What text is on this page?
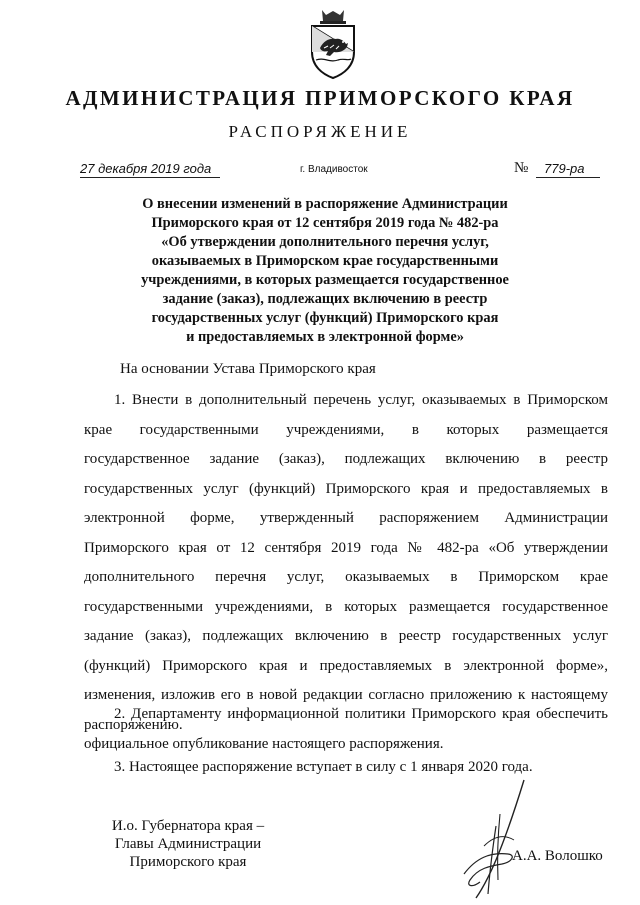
АДМИНИСТРАЦИЯ ПРИМОРСКОГО КРАЯ
РАСПОРЯЖЕНИЕ
27 декабря 2019 года	г. Владивосток	№	779-ра
О внесении изменений в распоряжение Администрации
Приморского края от 12 сентября 2019 года № 482-ра
«Об утверждении дополнительного перечня услуг,
оказываемых в Приморском крае государственными
учреждениями, в которых размещается государственное
задание (заказ), подлежащих включению в реестр
государственных услуг (функций) Приморского края
и предоставляемых в электронной форме»
На основании Устава Приморского края
1. Внести в дополнительный перечень услуг, оказываемых в Приморском
крае государственными учреждениями, в которых размещается
государственное задание (заказ), подлежащих включению в реестр
государственных услуг (функций) Приморского края и предоставляемых в
электронной форме, утвержденный распоряжением Администрации
Приморского края от 12 сентября 2019 года № 482-ра «Об утверждении
дополнительного перечня услуг, оказываемых в Приморском крае
государственными учреждениями, в которых размещается государственное
задание (заказ), подлежащих включению в реестр государственных услуг
(функций) Приморского края и предоставляемых в электронной форме»,
изменения, изложив его в новой редакции согласно приложению к настоящему
распоряжению.
2. Департаменту информационной политики Приморского края обеспечить
официальное опубликование настоящего распоряжения.
3. Настоящее распоряжение вступает в силу с 1 января 2020 года.
И.о. Губернатора края –
Главы Администрации
Приморского края	А.А. Волошко
